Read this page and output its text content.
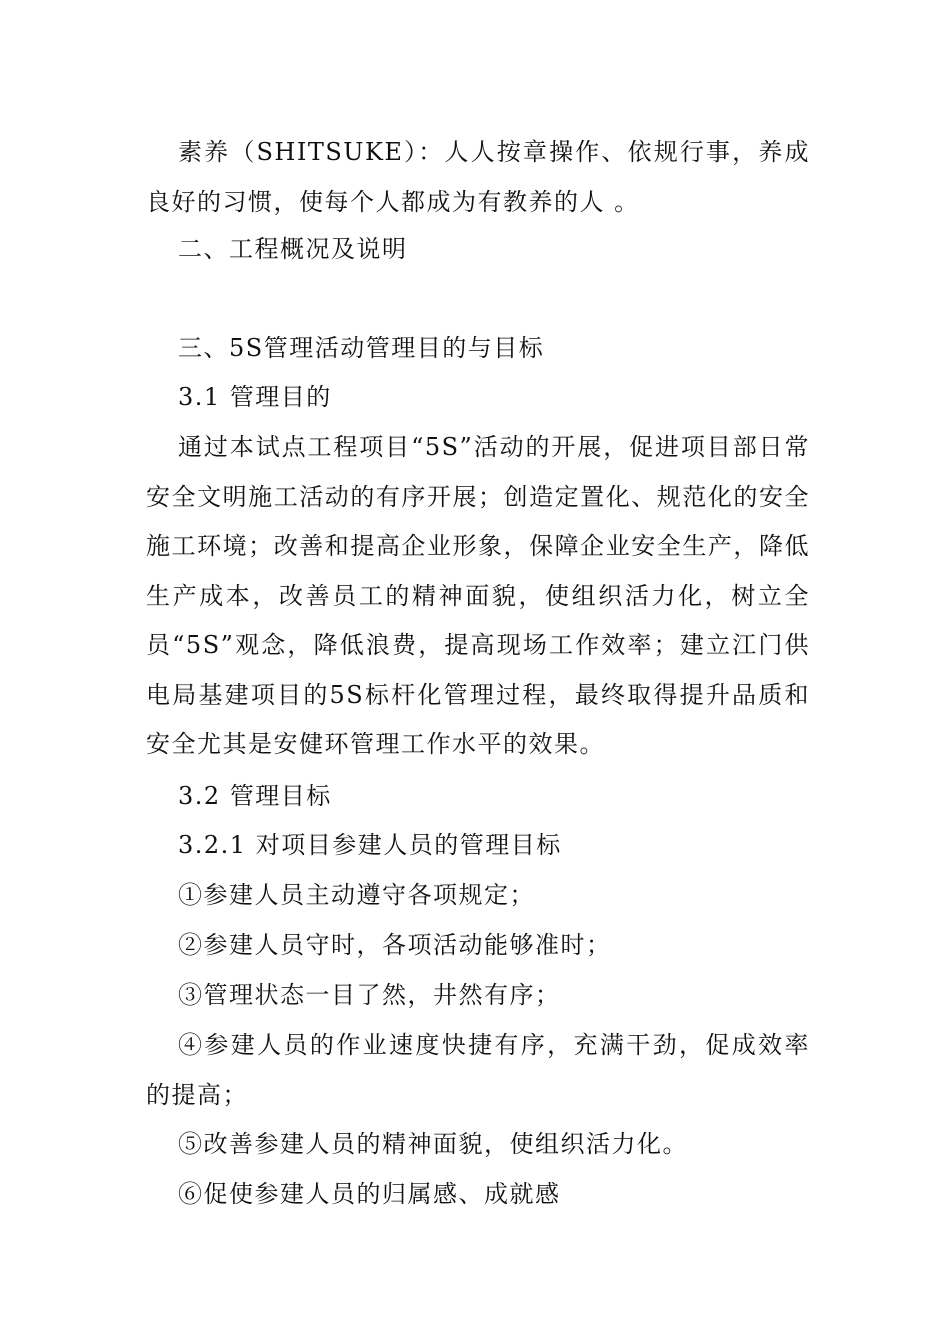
素养（SHITSUKE）：人人按章操作、依规行事，养成良好的习惯，使每个人都成为有教养的人 。

二、工程概况及说明

三、5S管理活动管理目的与目标

3.1 管理目的

通过本试点工程项目“5S”活动的开展，促进项目部日常安全文明施工活动的有序开展；创造定置化、规范化的安全施工环境；改善和提高企业形象，保障企业安全生产，降低生产成本，改善员工的精神面貌，使组织活力化，树立全员“5S”观念，降低浪费，提高现场工作效率；建立江门供电局基建项目的5S标杆化管理过程，最终取得提升品质和安全尤其是安健环管理工作水平的效果。

3.2 管理目标

3.2.1 对项目参建人员的管理目标

①参建人员主动遵守各项规定；

②参建人员守时，各项活动能够准时；

③管理状态一目了然，井然有序；

④参建人员的作业速度快捷有序，充满干劲，促成效率的提高；

⑤改善参建人员的精神面貌，使组织活力化。

⑥促使参建人员的归属感、成就感
